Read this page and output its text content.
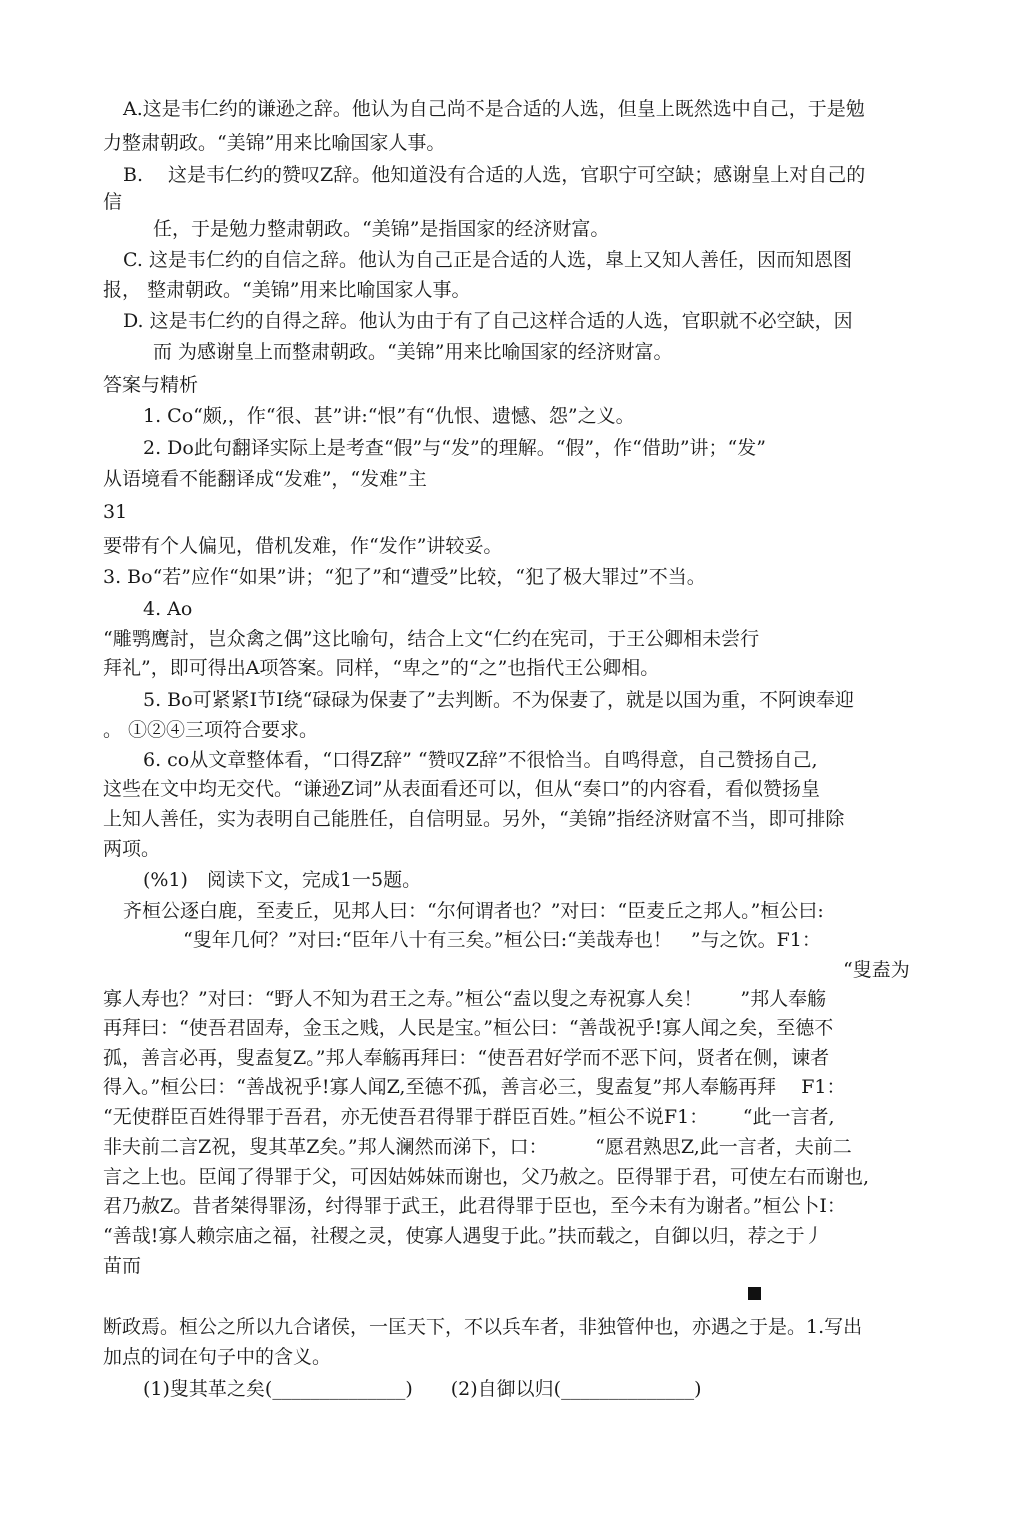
A.这是韦仁约的谦逊之辞。他认为自己尚不是合适的人选，但皇上既然选中自己，于是勉
力整肃朝政。“美锦”用来比喻国家人事。
B.　 这是韦仁约的赞叹Z辞。他知道没有合适的人选，官职宁可空缺；感谢皇上对自己的
信
任，于是勉力整肃朝政。“美锦”是指国家的经济财富。
C. 这是韦仁约的自信之辞。他认为自己正是合适的人选，皐上又知人善任，因而知恩图
报， 整肃朝政。“美锦”用来比喻国家人事。
D. 这是韦仁约的自得之辞。他认为由于有了自己这样合适的人选，官职就不必空缺，因
而 为感谢皇上而整肃朝政。“美锦”用来比喻国家的经济财富。
答案与精析
1. Co“颇,，作“很、甚”讲:“恨”有“仇恨、遗憾、怨”之义。
2. Do此句翻译实际上是考查“假”与“发”的理解。“假”，作“借助”讲；“发”
从语境看不能翻译成“发难”，“发难”主
31
要带有个人偏见，借机发难，作“发作”讲较妥。
3. Bo“若”应作“如果”讲；“犯了”和“遭受”比较，“犯了极大罪过”不当。
4. Ao
“雕鹗鹰討，岂众禽之偶”这比喻句，结合上文“仁约在宪司，于王公卿相未尝行
拜礼”，即可得出A项答案。同样，“卑之”的“之”也指代王公卿相。
5. Bo可紧紧I节I绕“碌碌为保妻了”去判断。不为保妻了，就是以国为重，不阿谀奉迎
。 ①②④三项符合要求。
6. co从文章整体看，“口得Z辞” “赞叹Z辞”不很恰当。自鸣得意，自己赞扬自己,
这些在文中均无交代。“谦逊Z词”从表面看还可以，但从“奏口”的内容看，看似赞扬皇
上知人善任，实为表明自己能胜任，自信明显。另外，“美锦”指经济财富不当，即可排除
两项。
(%1)　阅读下文，完成1一5题。
齐桓公逐白鹿，至麦丘，见邦人曰：“尔何谓者也？”对曰：“臣麦丘之邦人。”桓公曰:
“叟年几何？”对曰:“臣年八十有三矣。”桓公曰:“美哉寿也！　”与之饮。F1：
“叟盍为
寡人寿也？”对曰：“野人不知为君王之寿。”桓公“盍以叟之寿祝寡人矣！　　”邦人奉觞
再拜曰：“使吾君固寿，金玉之贱，人民是宝。”桓公曰：“善哉祝乎!寡人闻之矣，至德不
孤，善言必再，叟盍复Z。”邦人奉觞再拜曰：“使吾君好学而不恶下问，贤者在侧，谏者
得入。”桓公曰：“善战祝乎!寡人闻Z,至德不孤，善言必三，叟盍复”邦人奉觞再拜　 F1：
“无使群臣百姓得罪于吾君，亦无使吾君得罪于群臣百姓。”桓公不说F1：　　 “此一言者,
非夫前二言Z祝，叟其革Z矣。”邦人澜然而涕下，口：　　　“愿君熟思Z,此一言者，夫前二
言之上也。臣闻了得罪于父，可因姑姊妹而谢也，父乃赦之。臣得罪于君，可使左右而谢也,
君乃赦Z。昔者桀得罪汤，纣得罪于武王，此君得罪于臣也，至今未有为谢者。”桓公卜I：
“善哉!寡人赖宗庙之福，社稷之灵，使寡人遇叟于此。”扶而载之，自御以归，荐之于丿
苗而
断政焉。桓公之所以九合诸侯，一匡天下，不以兵车者，非独管仲也，亦遇之于是。1.写出
加点的词在句子中的含义。
(1)叟其革之矣(______________)　　(2)自御以归(______________)
